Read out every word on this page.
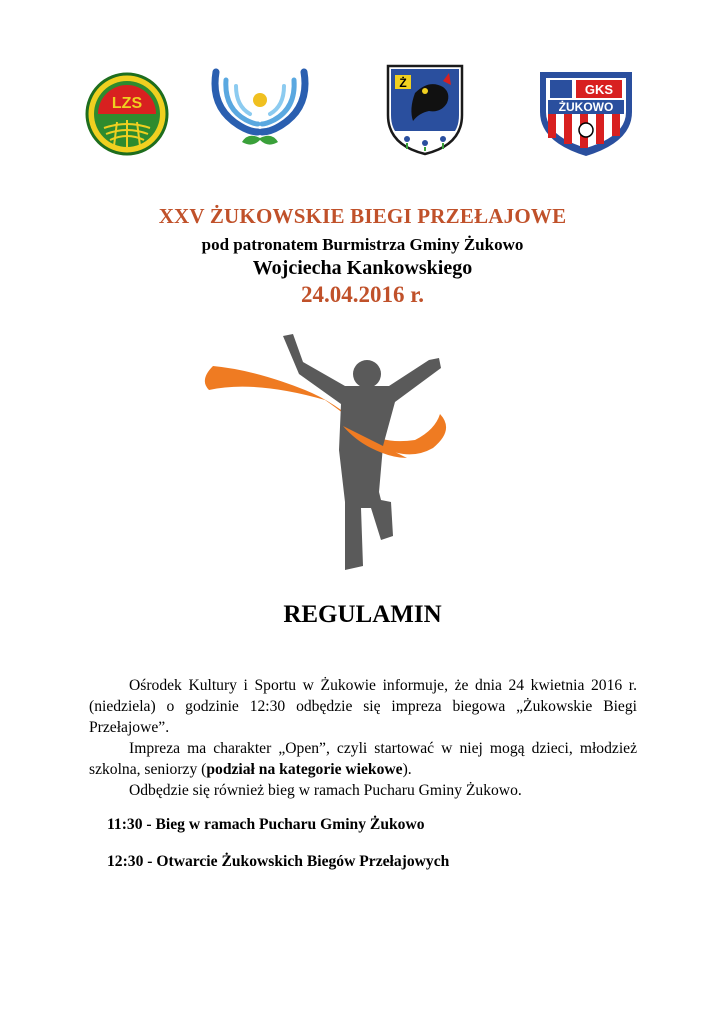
LZS
Ż	GKS
ŻUKOWO
XXV ŻUKOWSKIE BIEGI PRZEŁAJOWE
pod patronatem Burmistrza Gminy Żukowo
Wojciecha Kankowskiego
24.04.2016 r.
REGULAMIN

Ośrodek Kultury i Sportu w Żukowie informuje, że dnia 24 kwietnia 2016 r. (niedziela) o godzinie 12:30 odbędzie się impreza biegowa „Żukowskie Biegi Przełajowe”.

Impreza ma charakter „Open”, czyli startować w niej mogą dzieci, młodzież szkolna, seniorzy (podział na kategorie wiekowe).

Odbędzie się również bieg w ramach Pucharu Gminy Żukowo.

11:30 - Bieg w ramach Pucharu Gminy Żukowo
12:30 - Otwarcie Żukowskich Biegów Przełajowych
